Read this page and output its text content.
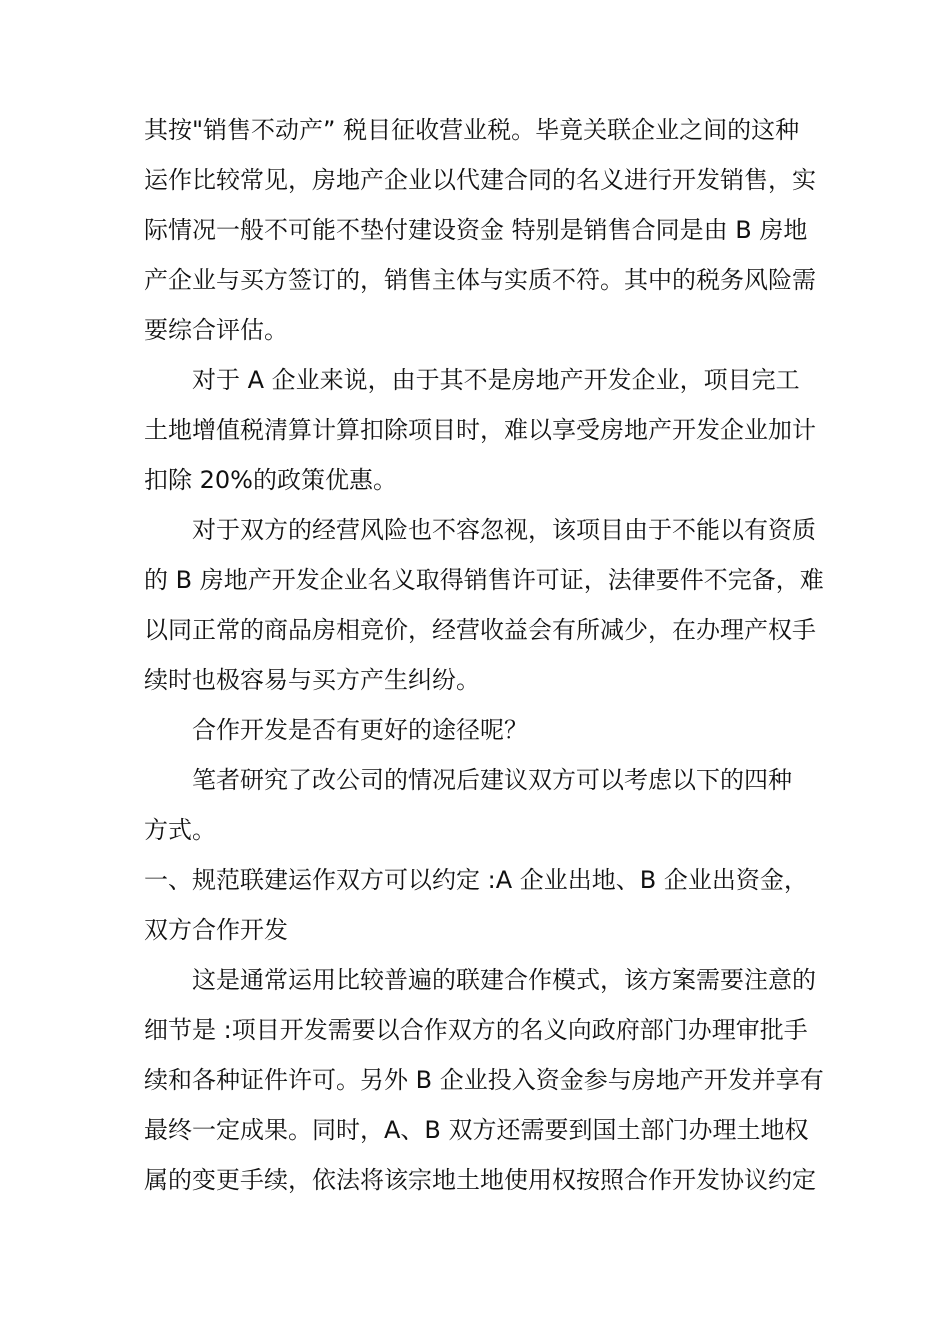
其按"销售不动产” 税目征收营业税。毕竟关联企业之间的这种

运作比较常见，房地产企业以代建合同的名义进行开发销售，实

际情况一般不可能不垫付建设资金 特别是销售合同是由 B 房地

产企业与买方签订的，销售主体与实质不符。其中的税务风险需

要综合评估。

对于 A 企业来说，由于其不是房地产开发企业，项目完工

土地增值税清算计算扣除项目时，难以享受房地产开发企业加计

扣除 20%的政策优惠。

对于双方的经营风险也不容忽视，该项目由于不能以有资质

的 B 房地产开发企业名义取得销售许可证，法律要件不完备，难

以同正常的商品房相竞价，经营收益会有所减少，在办理产权手

续时也极容易与买方产生纠纷。

合作开发是否有更好的途径呢？

笔者研究了改公司的情况后建议双方可以考虑以下的四种

方式。

一、规范联建运作双方可以约定 :A 企业出地、B 企业出资金，

双方合作开发

这是通常运用比较普遍的联建合作模式，该方案需要注意的

细节是 :项目开发需要以合作双方的名义向政府部门办理审批手

续和各种证件许可。另外 B 企业投入资金参与房地产开发并享有

最终一定成果。同时，A、B 双方还需要到国土部门办理土地权

属的变更手续，依法将该宗地土地使用权按照合作开发协议约定
